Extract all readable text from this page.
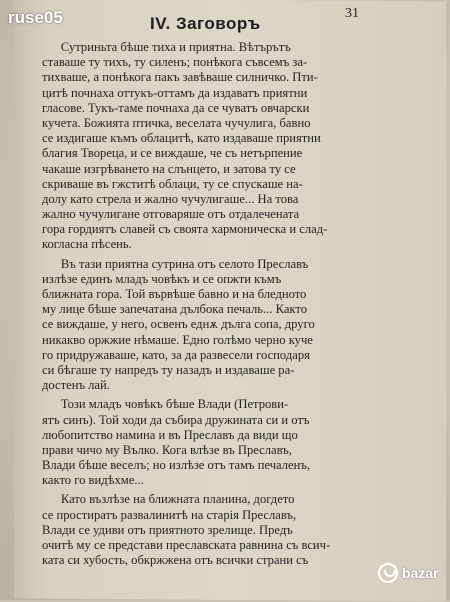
ruse05	31
IV. Заговоръ
Сутриньта бѣше тиха и приятна. Вѣтърътъ
ставаше ту тихъ, ту силенъ; понѣкога съвсемъ за-
тихваше, а понѣкога пакъ завѣваше силничко. Пти-
цитѣ почнаха оттукъ-оттамъ да издаватъ приятни
гласове. Тукъ-таме почнаха да се чуватъ овчарски
кучета. Божията птичка, веселата чучулига, бавно
се издигаше къмъ облацитѣ, като издаваше приятни
благия Твореца, и се виждаше, че съ нетърпение
чакаше изгрѣването на слънцето, и затова ту се
скриваше въ гжститѣ облаци, ту се спускаше на-
долу като стрела и жално чучулигаше... На това
жално чучулигане отговаряше отъ отдалечената
гора гордиятъ славей съ своята хармоническа и слад-
когласна пѣсень.
Въ тази приятна сутрина отъ селото Преславъ
излѣзе единъ младъ човѣкъ и се опжти къмъ
ближната гора. Той вървѣше бавно и на бледното
му лице бѣше запечатана дълбока печаль... Както
се виждаше, у него, освенъ еднѫ дълга сопа, друго
никакво оржжие нѣмаше. Едно голѣмо черно куче
го придружаваше, като, за да развесели господаря
си бѣгаше ту напредъ ту назадъ и издаваше ра-
достенъ лай.
Този младъ човѣкъ бѣше Влади (Петрови-
ятъ синъ). Той ходи да събира дружината си и отъ
любопитство намина и въ Преславъ да види що
прави чичо му Вълко. Кога влѣзе въ Преславъ,
Влади бѣше веселъ; но излѣзе отъ тамъ печаленъ,
както го видѣхме...
Като възлѣзе на ближната планина, догдето
се простиратъ развалинитѣ на старiя Преславъ,
Влади се удиви отъ приятното зрелище. Предъ
очитѣ му се представи преславската равнина съ всич-
ката си хубость, обкржжена отъ всички страни съ
bazar
